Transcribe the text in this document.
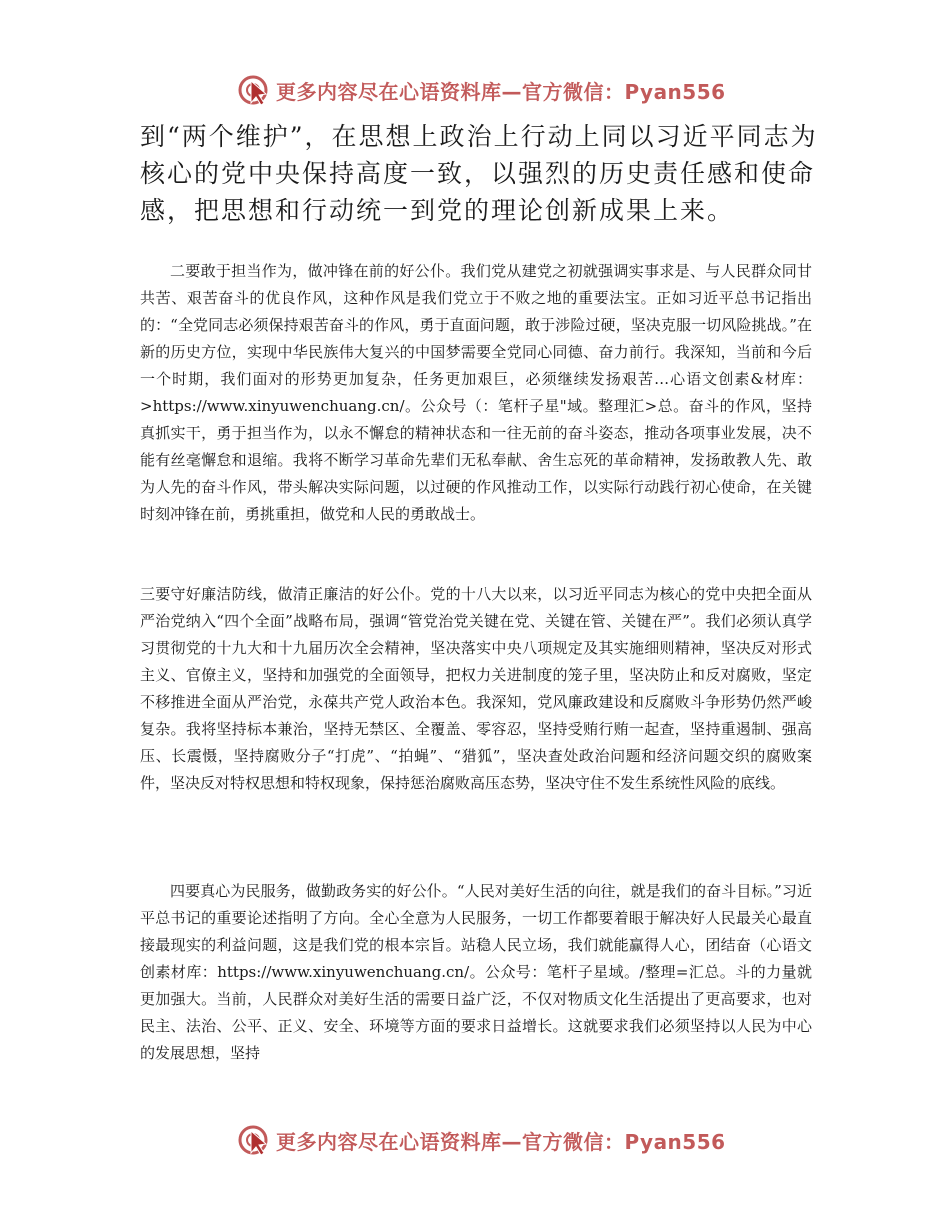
更多内容尽在心语资料库—官方微信：Pyan556

到“两个维护”，在思想上政治上行动上同以习近平同志为核心的党中央保持高度一致，以强烈的历史责任感和使命感，把思想和行动统一到党的理论创新成果上来。

二要敢于担当作为，做冲锋在前的好公仆。我们党从建党之初就强调实事求是、与人民群众同甘共苦、艰苦奋斗的优良作风，这种作风是我们党立于不败之地的重要法宝。正如习近平总书记指出的：“全党同志必须保持艰苦奋斗的作风，勇于直面问题，敢于涉险过硬，坚决克服一切风险挑战。”在新的历史方位，实现中华民族伟大复兴的中国梦需要全党同心同德、奋力前行。我深知，当前和今后一个时期，我们面对的形势更加复杂，任务更加艰巨，必须继续发扬艰苦…心语文创素&材库：>https://www.xinyuwenchuang.cn/。公众号（：笔杆子星"域。整理汇>总。奋斗的作风，坚持真抓实干，勇于担当作为，以永不懈怠的精神状态和一往无前的奋斗姿态，推动各项事业发展，决不能有丝毫懈怠和退缩。我将不断学习革命先辈们无私奉献、舍生忘死的革命精神，发扬敢教人先、敢为人先的奋斗作风，带头解决实际问题，以过硬的作风推动工作，以实际行动践行初心使命，在关键时刻冲锋在前，勇挑重担，做党和人民的勇敢战士。

三要守好廉洁防线，做清正廉洁的好公仆。党的十八大以来，以习近平同志为核心的党中央把全面从严治党纳入“四个全面”战略布局，强调“管党治党关键在党、关键在管、关键在严”。我们必须认真学习贯彻党的十九大和十九届历次全会精神，坚决落实中央八项规定及其实施细则精神，坚决反对形式主义、官僚主义，坚持和加强党的全面领导，把权力关进制度的笼子里，坚决防止和反对腐败，坚定不移推进全面从严治党，永葆共产党人政治本色。我深知，党风廉政建设和反腐败斗争形势仍然严峻复杂。我将坚持标本兼治，坚持无禁区、全覆盖、零容忍，坚持受贿行贿一起查，坚持重遏制、强高压、长震慑，坚持腐败分子“打虎”、“拍蝇”、“猎狐”，坚决查处政治问题和经济问题交织的腐败案件，坚决反对特权思想和特权现象，保持惩治腐败高压态势，坚决守住不发生系统性风险的底线。

四要真心为民服务，做勤政务实的好公仆。“人民对美好生活的向往，就是我们的奋斗目标。”习近平总书记的重要论述指明了方向。全心全意为人民服务，一切工作都要着眼于解决好人民最关心最直接最现实的利益问题，这是我们党的根本宗旨。站稳人民立场，我们就能赢得人心，团结奋（心语文创素材库：https://www.xinyuwenchuang.cn/。公众号：笔杆子星域。/整理=汇总。斗的力量就更加强大。当前，人民群众对美好生活的需要日益广泛，不仅对物质文化生活提出了更高要求，也对民主、法治、公平、正义、安全、环境等方面的要求日益增长。这就要求我们必须坚持以人民为中心的发展思想，坚持

更多内容尽在心语资料库—官方微信：Pyan556
